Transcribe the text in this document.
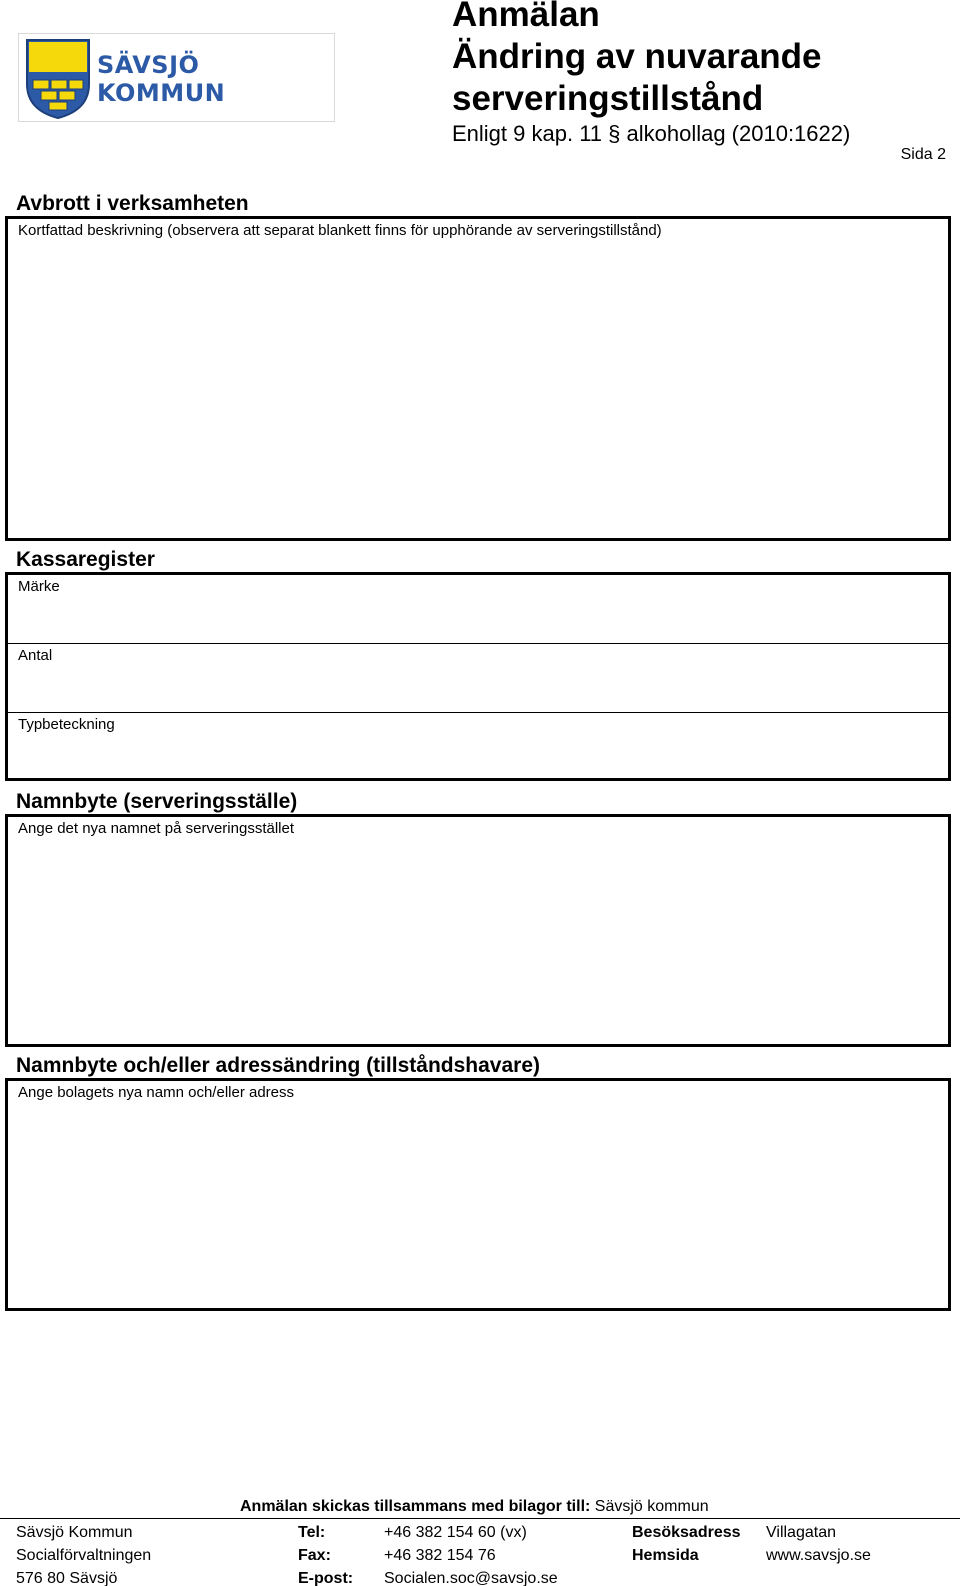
SÄVSJÖ KOMMUN
Anmälan
Ändring av nuvarande
serveringstillstånd
Enligt 9 kap. 11 § alkohollag (2010:1622)
Sida 2
Avbrott i verksamheten
Kortfattad beskrivning (observera att separat blankett finns för upphörande av serveringstillstånd)
Kassaregister
Märke
Antal
Typbeteckning
Namnbyte (serveringsställe)
Ange det nya namnet på serveringsstället
Namnbyte och/eller adressändring (tillståndshavare)
Ange bolagets nya namn och/eller adress
Anmälan skickas tillsammans med bilagor till: Sävsjö kommun
Sävsjö Kommun
Socialförvaltningen
576 80 Sävsjö
Tel:
Fax:
E-post:
+46 382 154 60 (vx)
+46 382 154 76
Socialen.soc@savsjo.se
Besöksadress
Hemsida
Villagatan
www.savsjo.se
